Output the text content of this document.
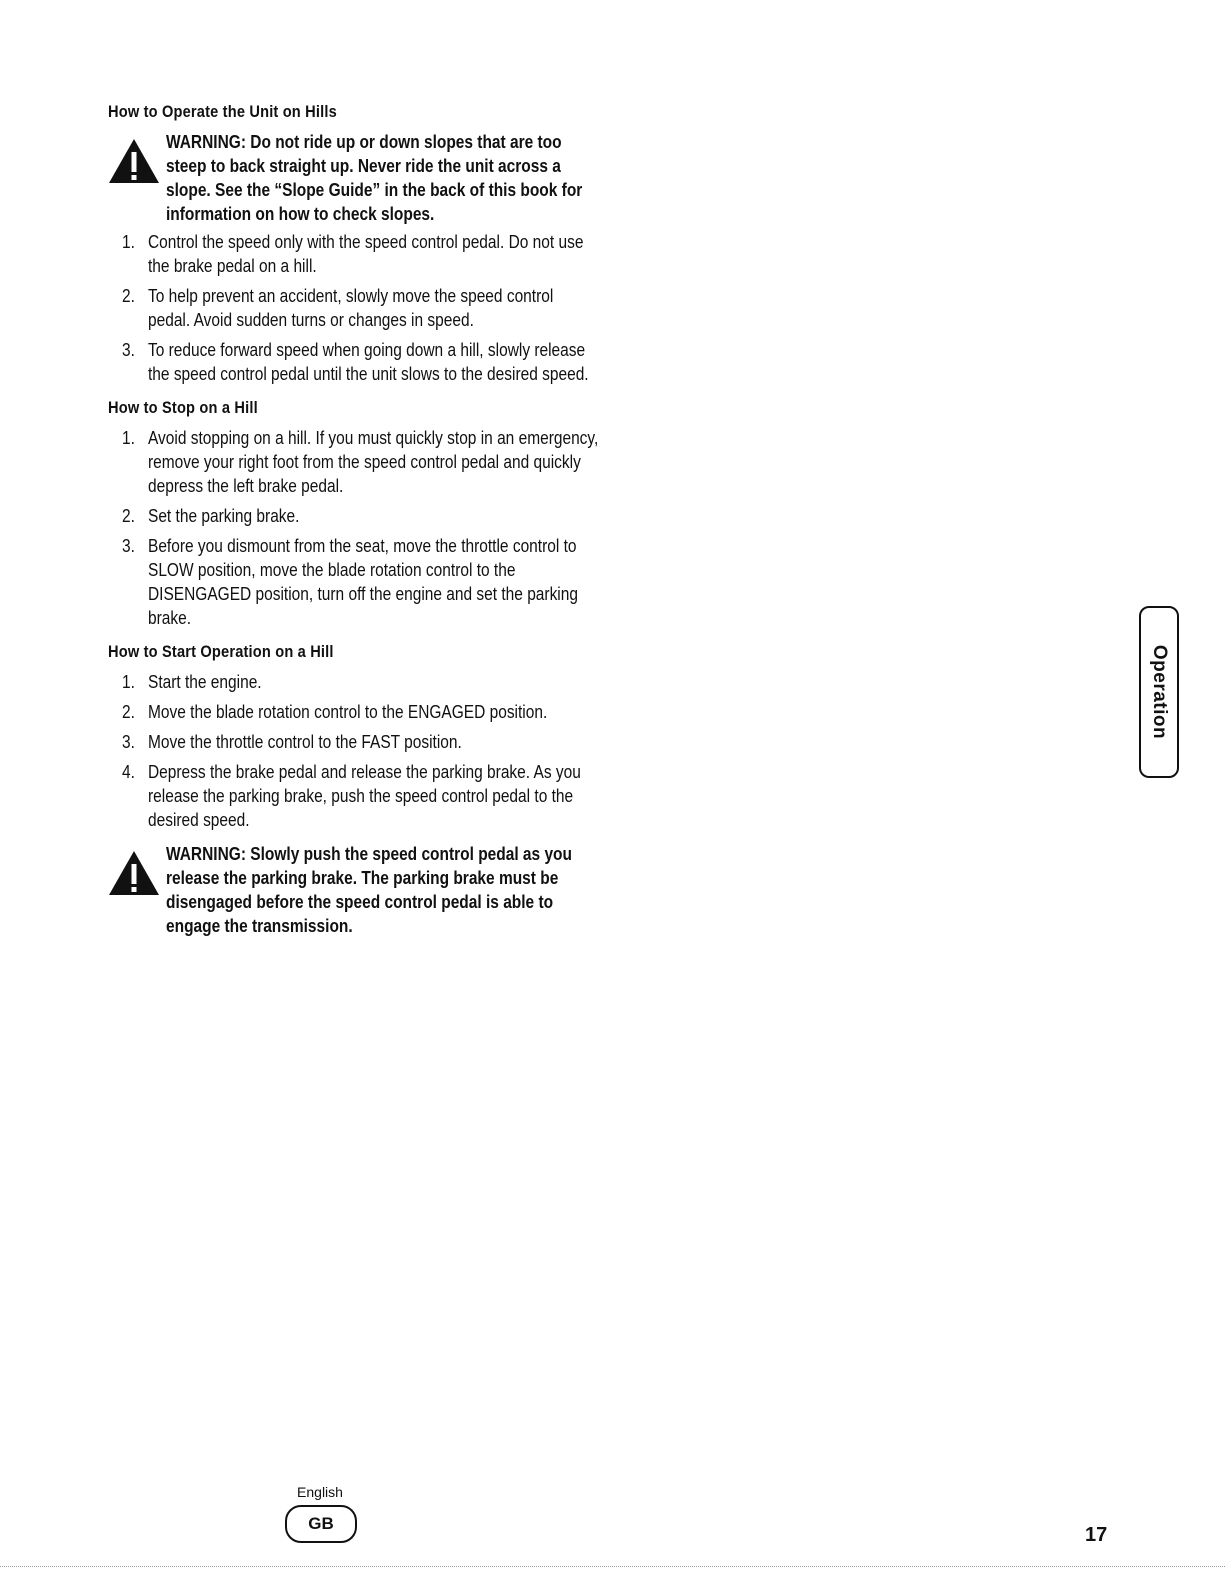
How to Operate the Unit on Hills
WARNING: Do not ride up or down slopes that are too steep to back straight up. Never ride the unit across a slope. See the “Slope Guide” in the back of this book for information on how to check slopes.
1. Control the speed only with the speed control pedal. Do not use the brake pedal on a hill.
2. To help prevent an accident, slowly move the speed control pedal. Avoid sudden turns or changes in speed.
3. To reduce forward speed when going down a hill, slowly release the speed control pedal until the unit slows to the desired speed.
How to Stop on a Hill
1. Avoid stopping on a hill. If you must quickly stop in an emergency, remove your right foot from the speed control pedal and quickly depress the left brake pedal.
2. Set the parking brake.
3. Before you dismount from the seat, move the throttle control to SLOW position, move the blade rotation control to the DISENGAGED position, turn off the engine and set the parking brake.
How to Start Operation on a Hill
1. Start the engine.
2. Move the blade rotation control to the ENGAGED position.
3. Move the throttle control to the FAST position.
4. Depress the brake pedal and release the parking brake. As you release the parking brake, push the speed control pedal to the desired speed.
WARNING: Slowly push the speed control pedal as you release the parking brake. The parking brake must be disengaged before the speed control pedal is able to engage the transmission.
Operation
English
GB
17
